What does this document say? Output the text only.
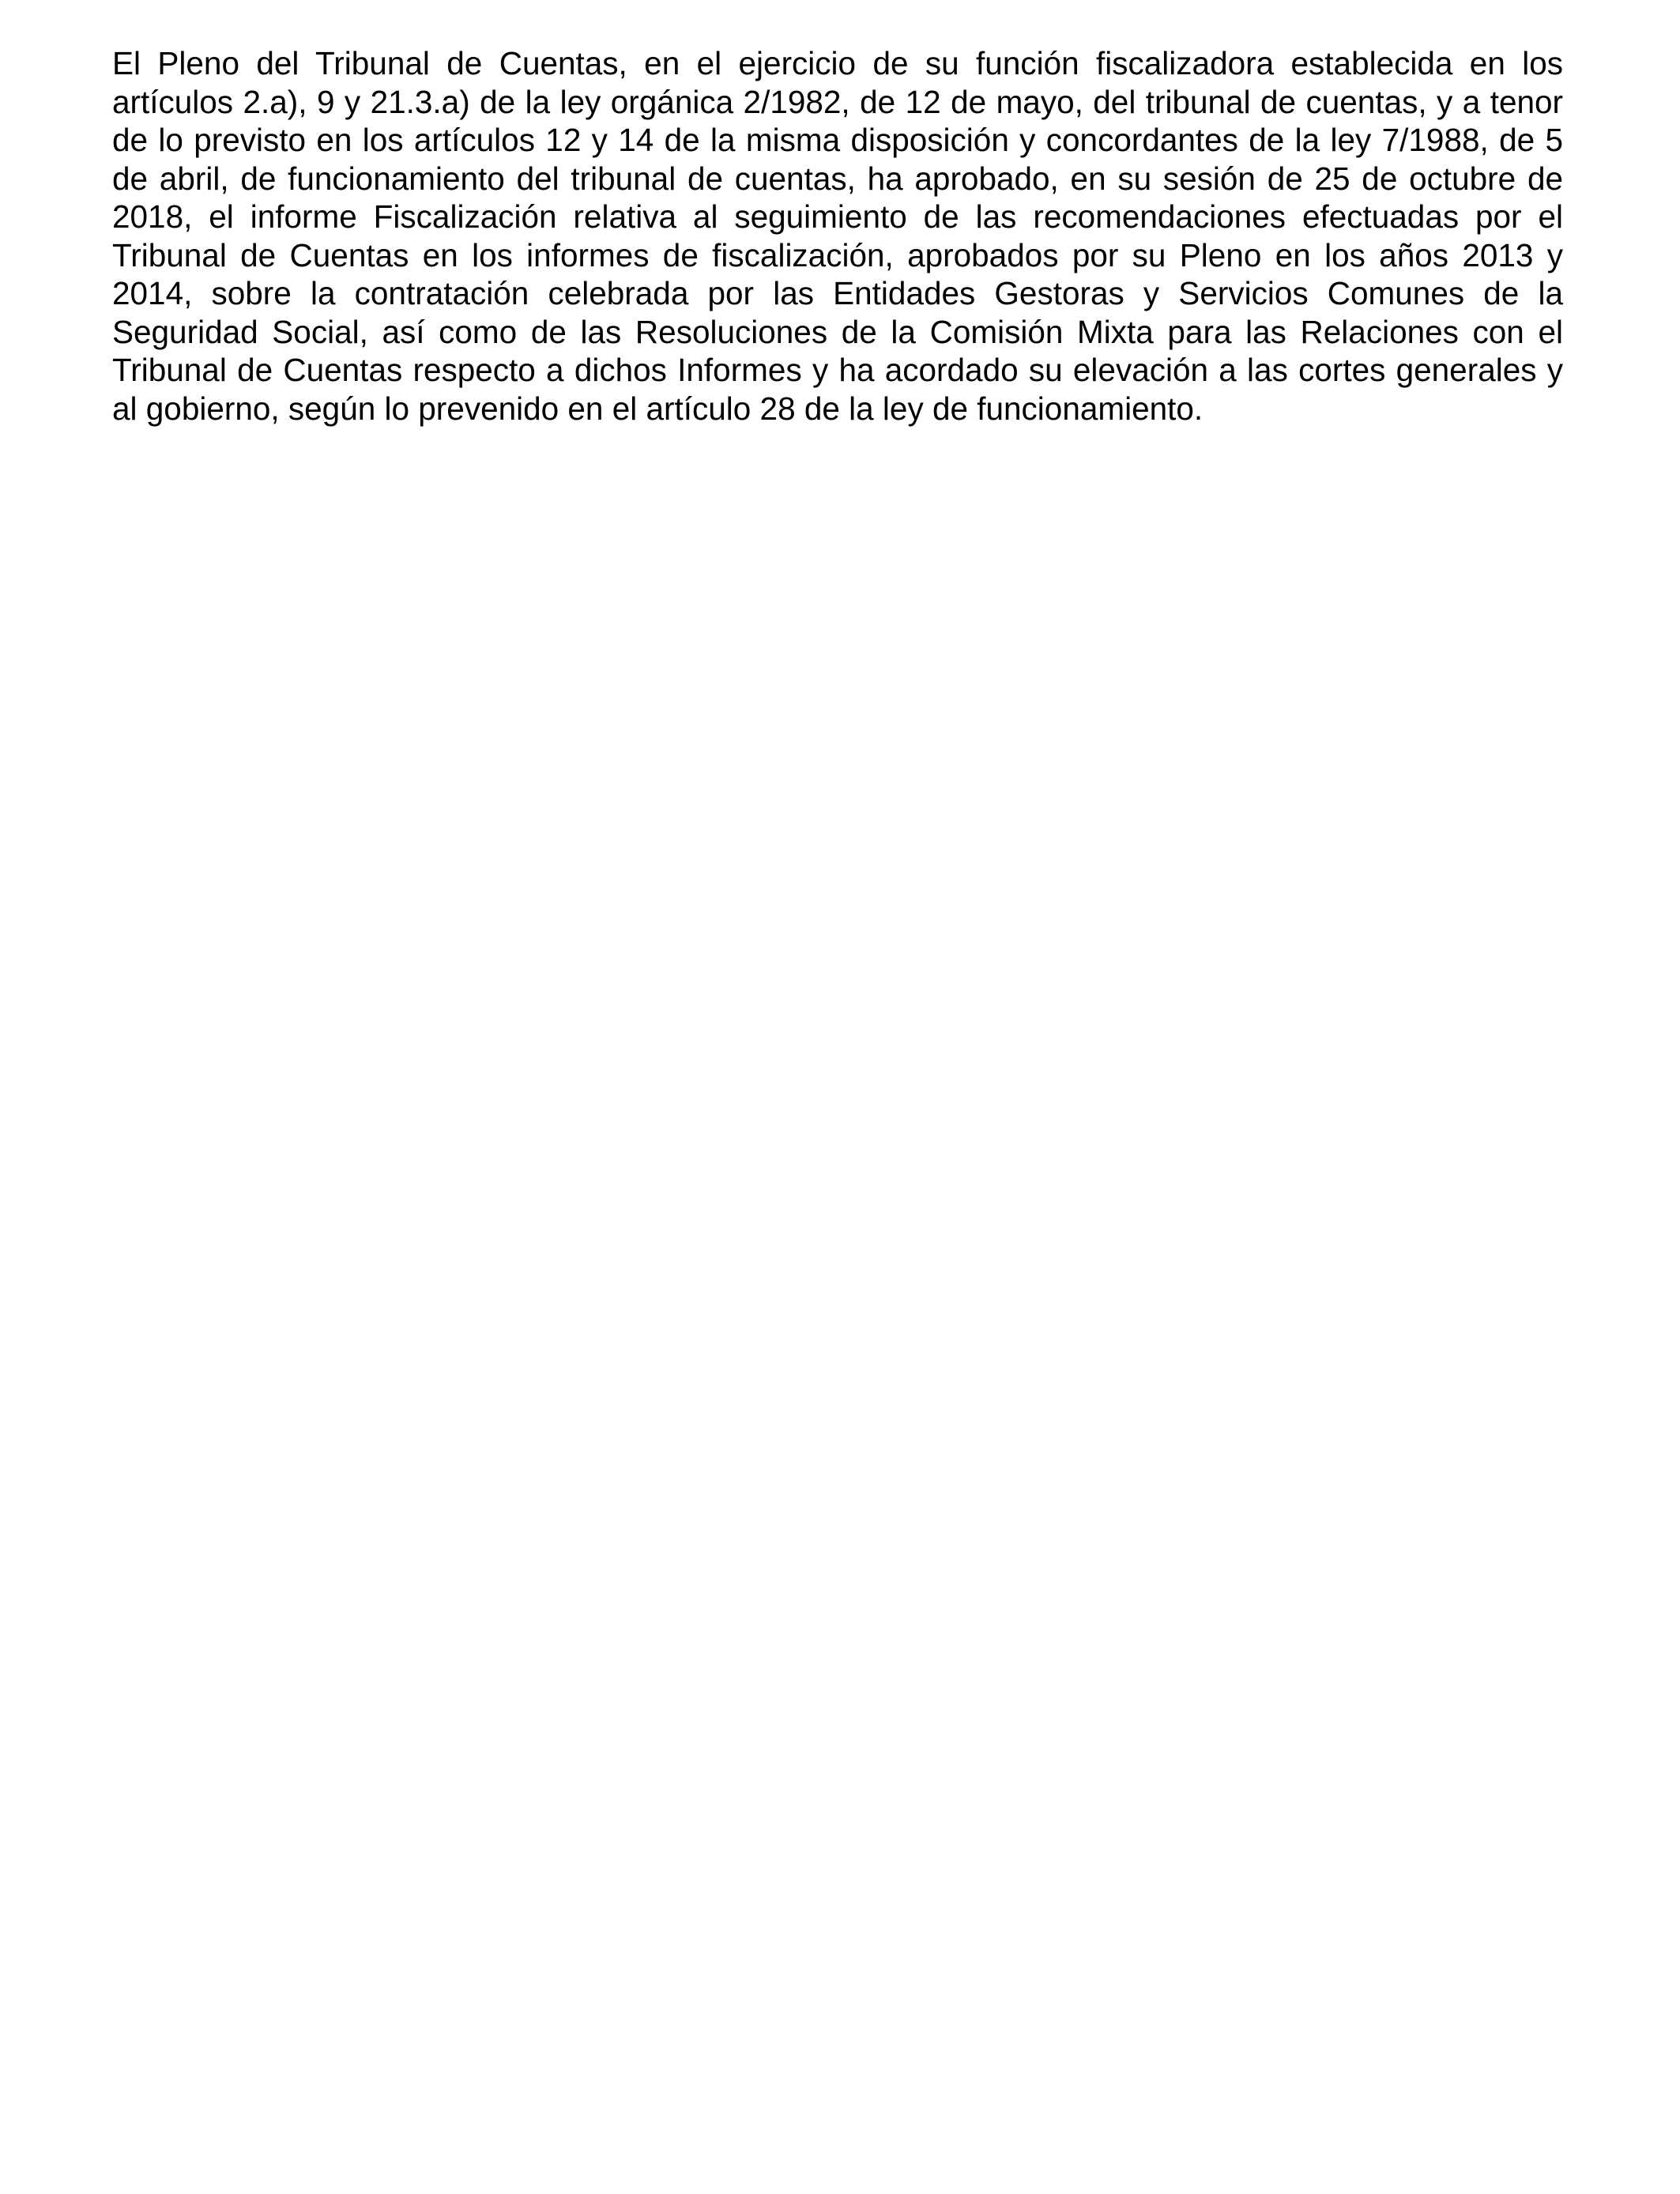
El Pleno del Tribunal de Cuentas, en el ejercicio de su función fiscalizadora establecida en los artículos 2.a), 9 y 21.3.a) de la ley orgánica 2/1982, de 12 de mayo, del tribunal de cuentas, y a tenor de lo previsto en los artículos 12 y 14 de la misma disposición y concordantes de la ley 7/1988, de 5 de abril, de funcionamiento del tribunal de cuentas, ha aprobado, en su sesión de 25 de octubre de 2018, el informe Fiscalización relativa al seguimiento de las recomendaciones efectuadas por el Tribunal de Cuentas en los informes de fiscalización, aprobados por su Pleno en los años 2013 y 2014, sobre la contratación celebrada por las Entidades Gestoras y Servicios Comunes de la Seguridad Social, así como de las Resoluciones de la Comisión Mixta para las Relaciones con el Tribunal de Cuentas respecto a dichos Informes y ha acordado su elevación a las cortes generales y al gobierno, según lo prevenido en el artículo 28 de la ley de funcionamiento.
